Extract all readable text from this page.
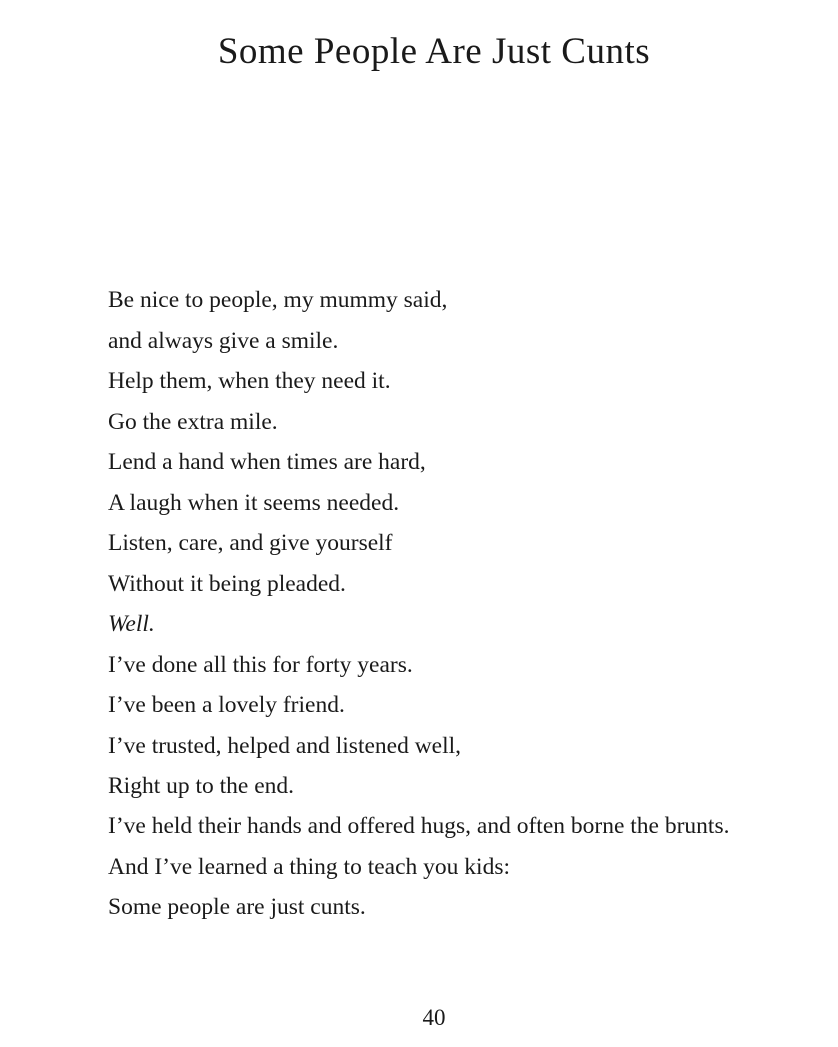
Some People Are Just Cunts
Be nice to people, my mummy said,
and always give a smile.
Help them, when they need it.
Go the extra mile.
Lend a hand when times are hard,
A laugh when it seems needed.
Listen, care, and give yourself
Without it being pleaded.
Well.
I’ve done all this for forty years.
I’ve been a lovely friend.
I’ve trusted, helped and listened well,
Right up to the end.
I’ve held their hands and offered hugs, and often borne the brunts.
And I’ve learned a thing to teach you kids:
Some people are just cunts.
40
